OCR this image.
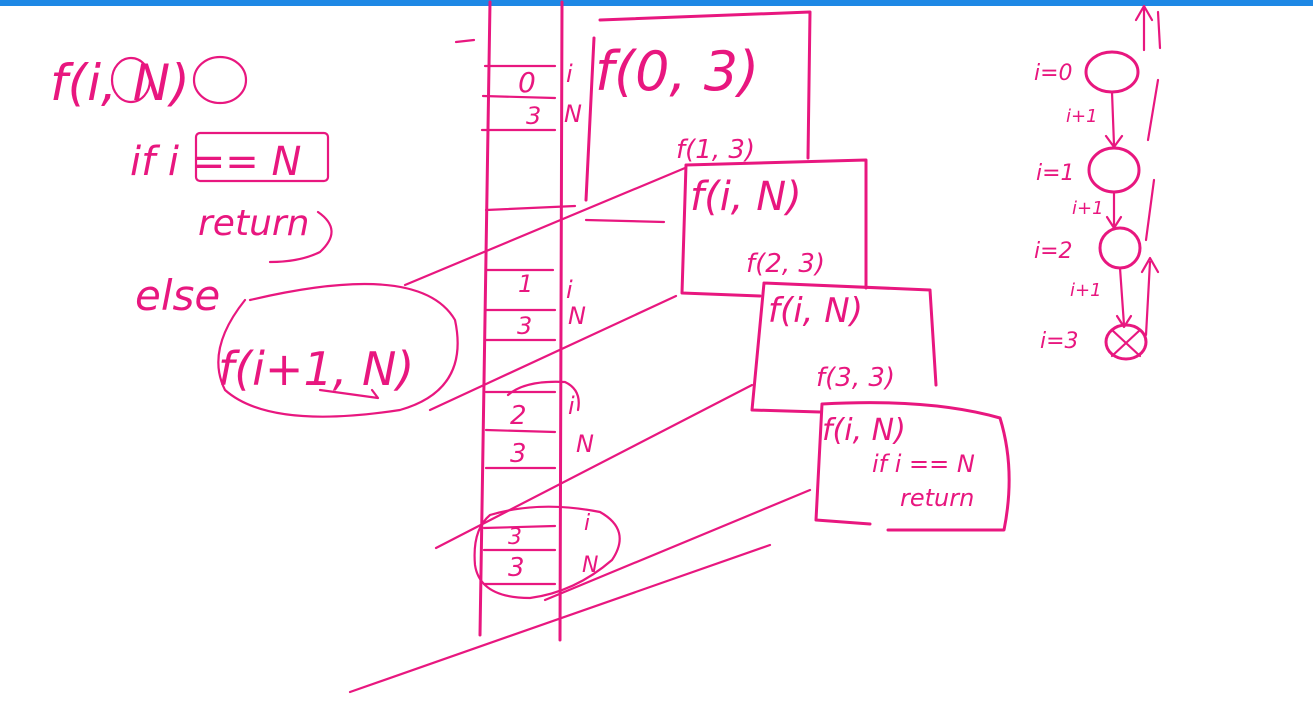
f(i, N)
if i == N
return
else
f(i+1, N)
0
3
i
N
1
3
i
N
2
3
i
N
3
3
i
N
f(0, 3)
f(1, 3)
f(i, N)
f(2, 3)
f(i, N)
f(3, 3)
f(i, N)
if i == N
return
i=0
i+1
i=1
i+1
i=2
i+1
i=3
